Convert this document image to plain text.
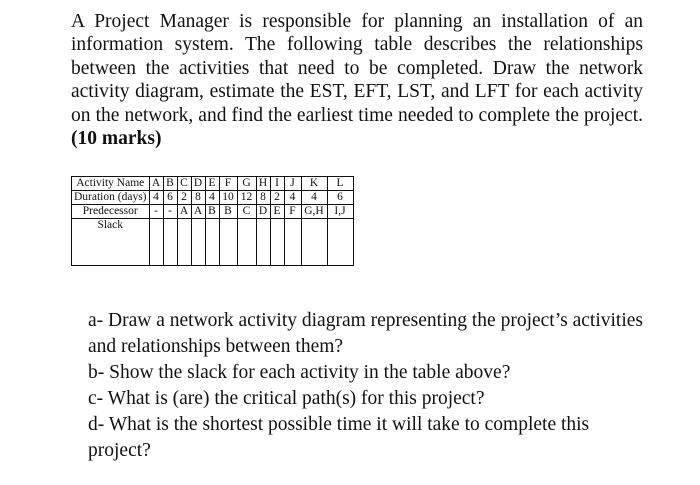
A Project Manager is responsible for planning an installation of an information system. The following table describes the relationships between the activities that need to be completed. Draw the network activity diagram, estimate the EST, EFT, LST, and LFT for each activity on the network, and find the earliest time needed to complete the project. (10 marks)

Activity Name	A	B	C	D	E	F	G	H	I	J	K	L
Duration (days)	4	6	2	8	4	10	12	8	2	4	4	6
Predecessor	-	-	A	A	B	B	C	D	E	F	G,H	I,J
Slack												

a- Draw a network activity diagram representing the project’s activities and relationships between them?

b- Show the slack for each activity in the table above?

c- What is (are) the critical path(s) for this project?

d- What is the shortest possible time it will take to complete this project?
